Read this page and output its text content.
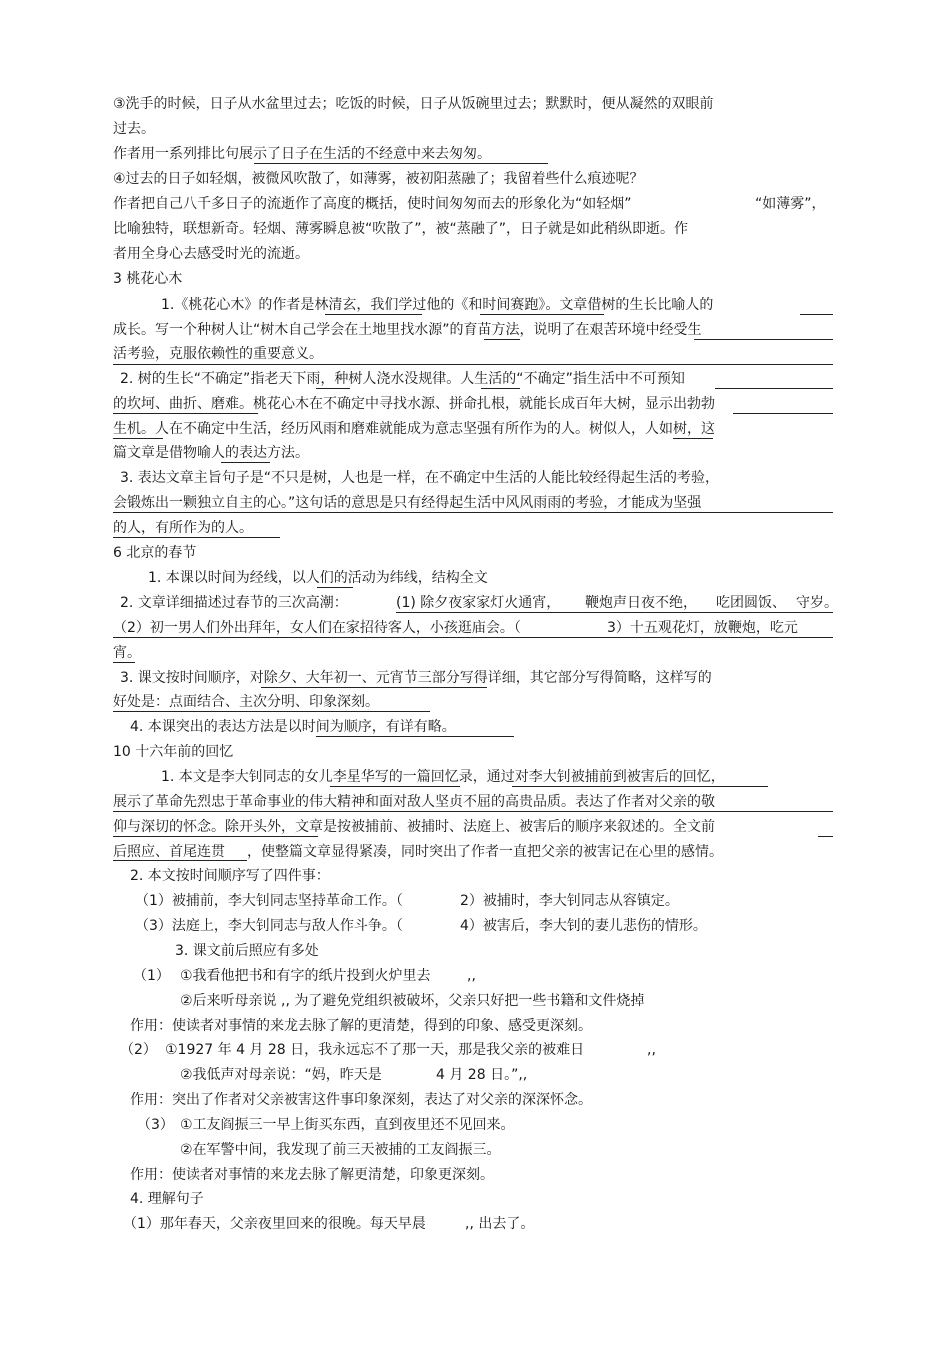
③洗手的时候，日子从水盆里过去；吃饭的时候，日子从饭碗里过去；默默时，便从凝然的双眼前
过去。
作者用一系列排比句展示了日子在生活的不经意中来去匆匆。
④过去的日子如轻烟，被微风吹散了，如薄雾，被初阳蒸融了；我留着些什么痕迹呢？
作者把自己八千多日子的流逝作了高度的概括，使时间匆匆而去的形象化为“如轻烟”	“如薄雾”，
比喻独特，联想新奇。轻烟、薄雾瞬息被“吹散了”，被“蒸融了”，日子就是如此稍纵即逝。作
者用全身心去感受时光的流逝。
3 桃花心木
1.《桃花心木》的作者是林清玄，我们学过他的《和时间赛跑》。文章借树的生长比喻人的
成长。写一个种树人让“树木自己学会在土地里找水源”的育苗方法，说明了在艰苦环境中经受生
活考验，克服依赖性的重要意义。
2. 树的生长“不确定”指老天下雨，种树人浇水没规律。人生活的“不确定”指生活中不可预知
的坎坷、曲折、磨难。桃花心木在不确定中寻找水源、拼命扎根，就能长成百年大树，显示出勃勃
生机。人在不确定中生活，经历风雨和磨难就能成为意志坚强有所作为的人。树似人，人如树，这
篇文章是借物喻人的表达方法。
3. 表达文章主旨句子是“不只是树，人也是一样，在不确定中生活的人能比较经得起生活的考验，
会锻炼出一颗独立自主的心。”这句话的意思是只有经得起生活中风风雨雨的考验，才能成为坚强
的人，有所作为的人。
6 北京的春节
1. 本课以时间为经线，以人们的活动为纬线，结构全文
2. 文章详细描述过春节的三次高潮：	(1) 除夕夜家家灯火通宵， 鞭炮声日夜不绝， 吃团圆饭、 守岁。
（2）初一男人们外出拜年，女人们在家招待客人，小孩逛庙会。（	3）十五观花灯，放鞭炮，吃元
宵。
3. 课文按时间顺序，对除夕、大年初一、元宵节三部分写得详细，其它部分写得简略，这样写的
好处是：点面结合、主次分明、印象深刻。
4. 本课突出的表达方法是以时间为顺序，有详有略。
10 十六年前的回忆
1. 本文是李大钊同志的女儿李星华写的一篇回忆录，通过对李大钊被捕前到被害后的回忆，
展示了革命先烈忠于革命事业的伟大精神和面对敌人坚贞不屈的高贵品质。表达了作者对父亲的敬
仰与深切的怀念。除开头外，文章是按被捕前、被捕时、法庭上、被害后的顺序来叙述的。全文前
后照应、首尾连贯 ，使整篇文章显得紧凑，同时突出了作者一直把父亲的被害记在心里的感情。
2. 本文按时间顺序写了四件事：
（1）被捕前，李大钊同志坚持革命工作。（	2）被捕时，李大钊同志从容镇定。
（3）法庭上，李大钊同志与敌人作斗争。（	4）被害后，李大钊的妻儿悲伤的情形。
3. 课文前后照应有多处
（1） ①我看他把书和有字的纸片投到火炉里去	,,
②后来听母亲说 ,, 为了避免党组织被破坏，父亲只好把一些书籍和文件烧掉
作用：使读者对事情的来龙去脉了解的更清楚，得到的印象、感受更深刻。
（2） ①1927 年 4 月 28 日，我永远忘不了那一天，那是我父亲的被难日	,,
②我低声对母亲说：“妈，昨天是	4 月 28 日。”,,
作用：突出了作者对父亲被害这件事印象深刻，表达了对父亲的深深怀念。
（3） ①工友阎振三一早上街买东西，直到夜里还不见回来。
②在军警中间，我发现了前三天被捕的工友阎振三。
作用：使读者对事情的来龙去脉了解更清楚，印象更深刻。
4. 理解句子
（1）那年春天，父亲夜里回来的很晚。每天早晨	,, 出去了。
